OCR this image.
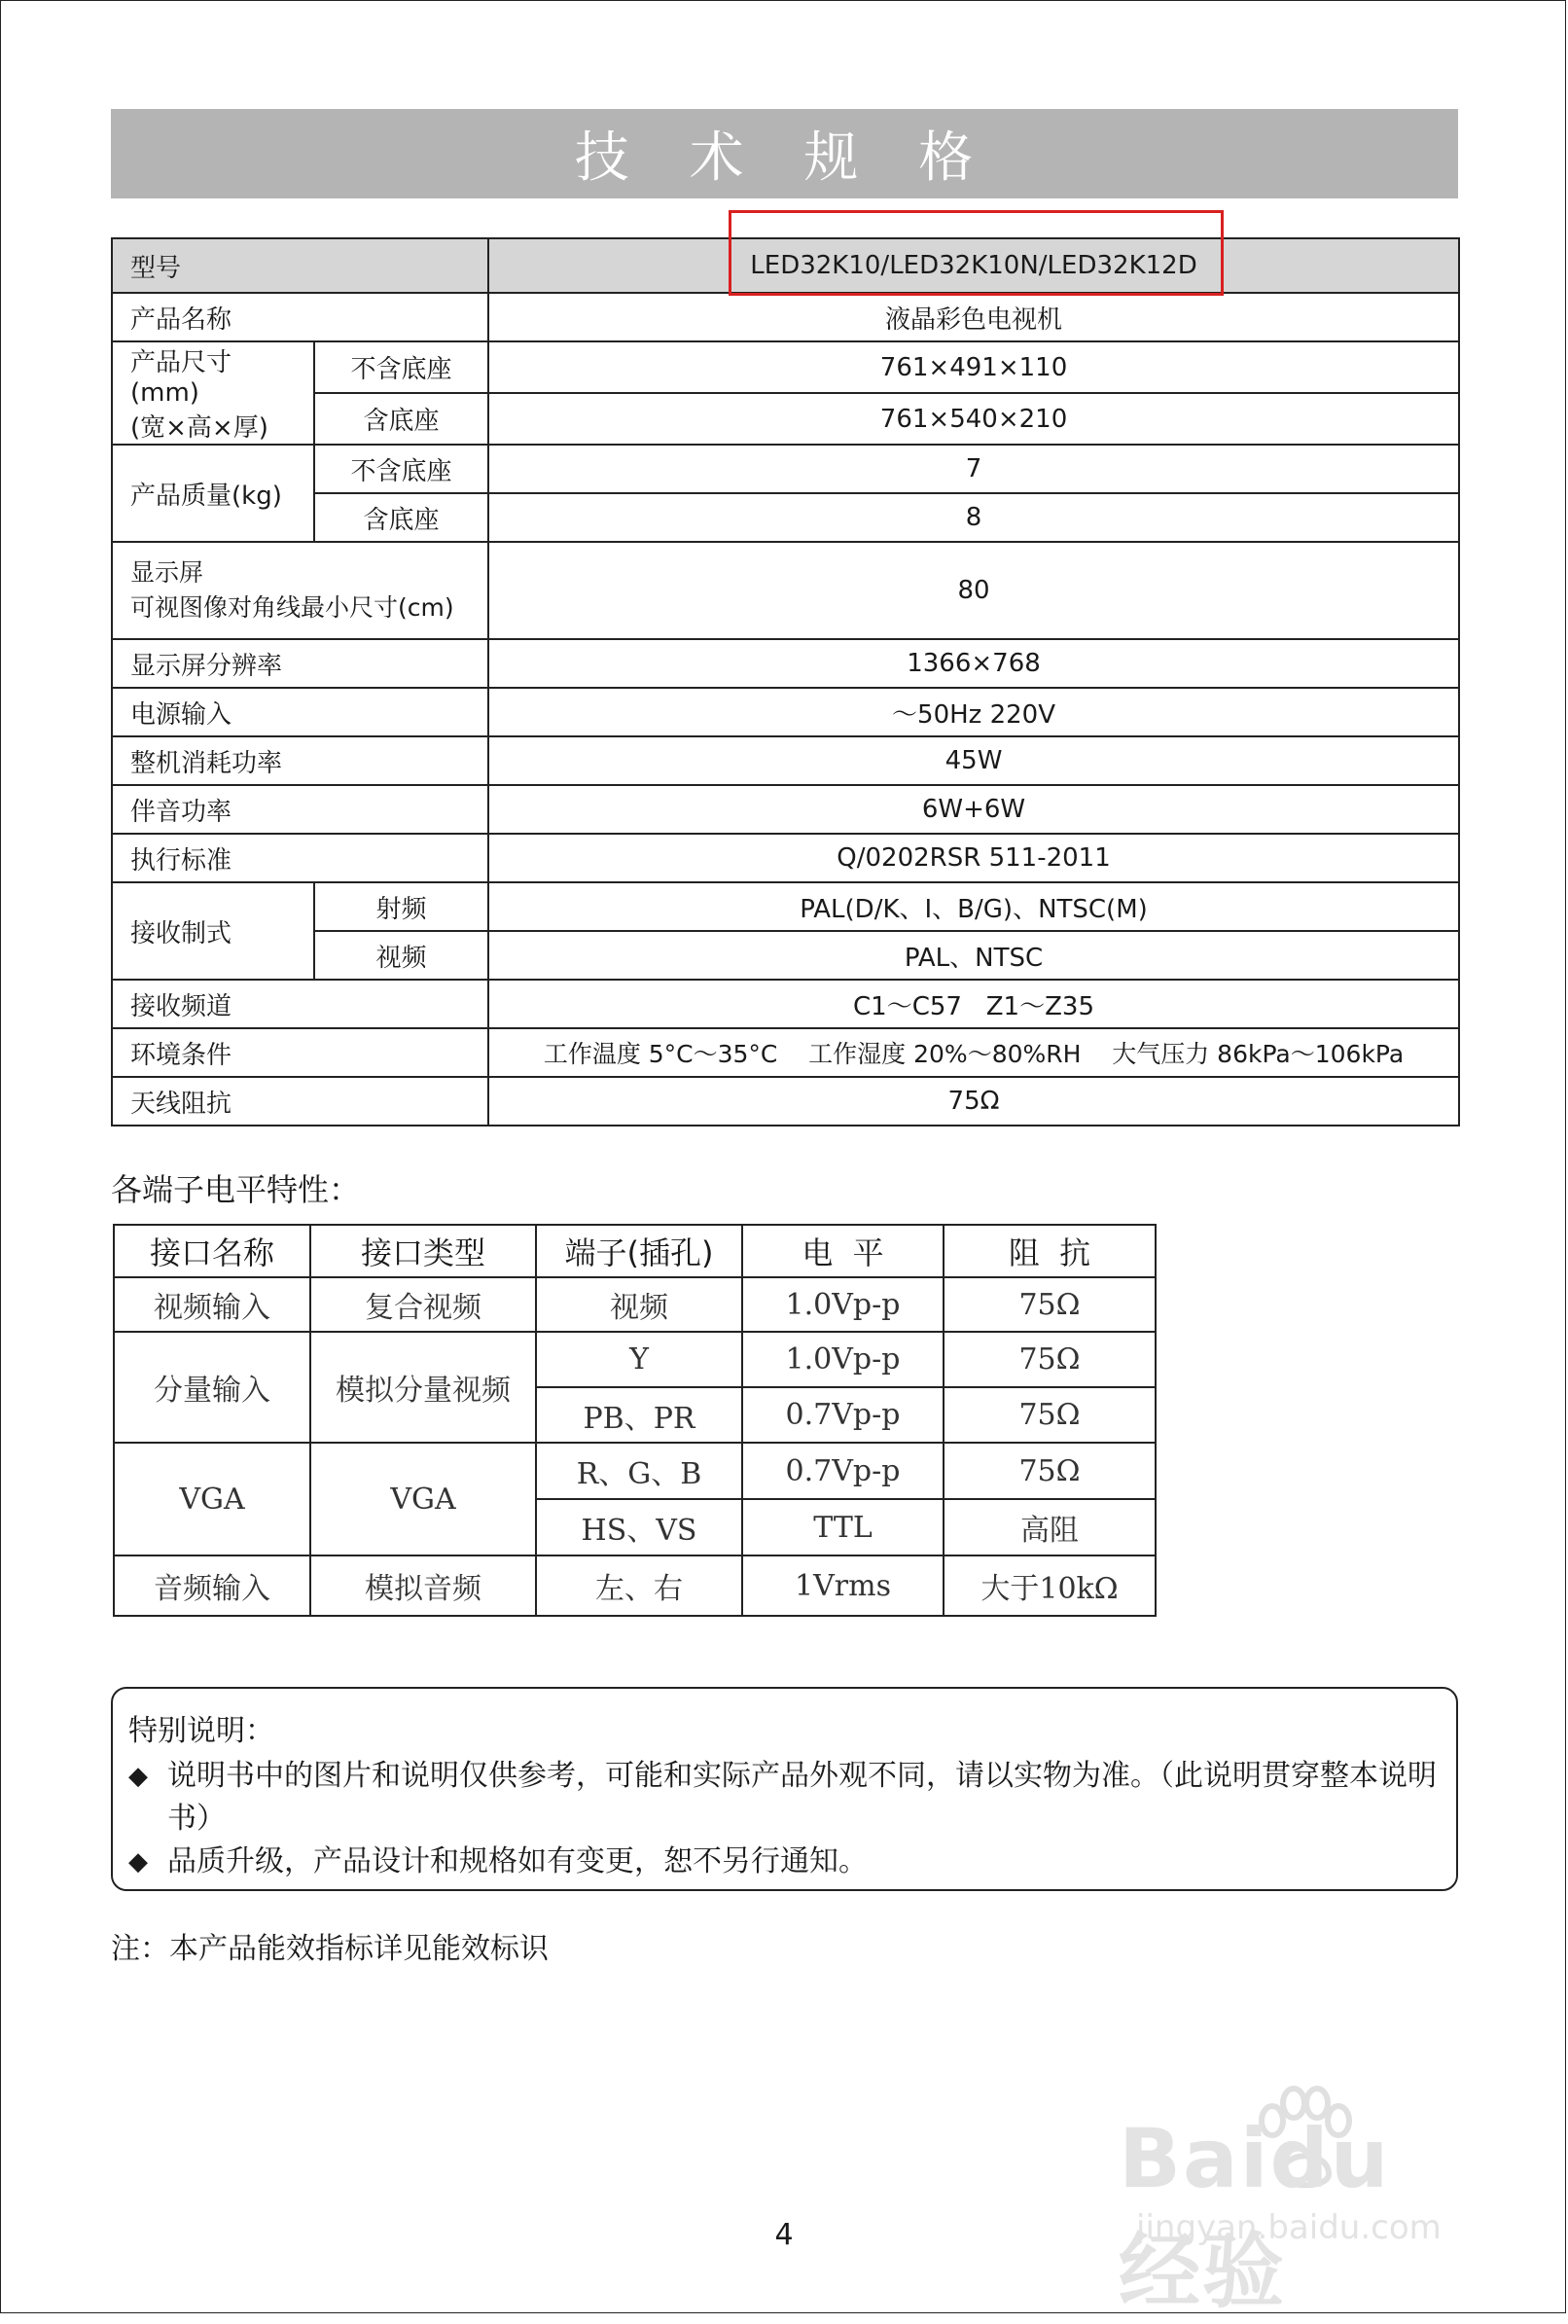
技 术 规 格
型号		LED32K10/LED32K10N/LED32K12D
产品名称		液晶彩色电视机

产品尺寸(mm)
(宽×高×厚)	不含底座	761×491×110
	含底座	761×540×210
产品质量(kg)	不含底座	7
	含底座	8

显示屏
可视图像对角线最小尺寸(cm)		80
显示屏分辨率		1366×768
电源输入		～50Hz 220V
整机消耗功率		45W
伴音功率		6W+6W
执行标准		Q/0202RSR 511-2011
接收制式	射频	PAL(D/K、I、B/G)、NTSC(M)
	视频	PAL、NTSC
接收频道		C1～C57   Z1～Z35
环境条件		工作温度 5°C～35°C    工作湿度 20%～80%RH    大气压力 86kPa～106kPa
天线阻抗		75Ω
各端子电平特性：
接口名称	接口类型	端子(插孔)	电  平	阻  抗
视频输入	复合视频	视频	1.0Vp-p	75Ω
分量输入	模拟分量视频	Y	1.0Vp-p	75Ω
		PB、PR	0.7Vp-p	75Ω
VGA	VGA	R、G、B	0.7Vp-p	75Ω
		HS、VS	TTL	高阻
音频输入	模拟音频	左、右	1Vrms	大于10kΩ
特别说明：
◆ 说明书中的图片和说明仅供参考，可能和实际产品外观不同，请以实物为准。（此说明贯穿整本说明书）
◆ 品质升级，产品设计和规格如有变更，恕不另行通知。
注：本产品能效指标详见能效标识
Baidu经验
jingyan.baidu.com
4
